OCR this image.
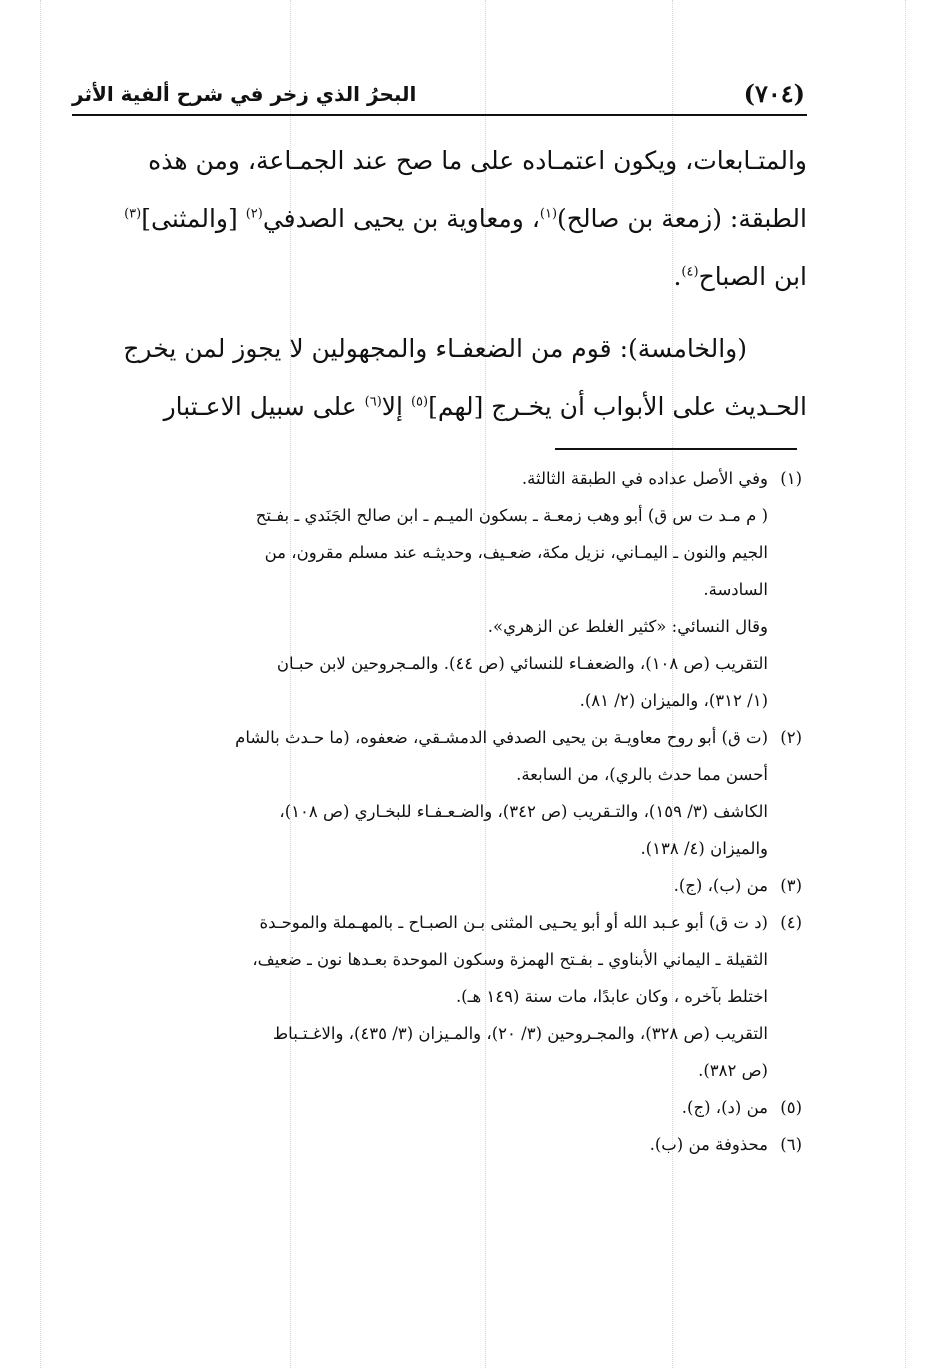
(٧٠٤)
البحرُ الذي زخر في شرح ألفية الأثر

والمتـابعات، ويكون اعتمـاده على ما صح عند الجمـاعة، ومن هذه
الطبقة: (زمعة بن صالح)$^{(١)}$، ومعاوية بن يحيى الصدفي$^{(٢)}$ [والمثنى]$^{(٣)}$
ابن الصباح$^{(٤)}$.

(والخامسة): قوم من الضعفـاء والمجهولين لا يجوز لمن يخرج
الحـديث على الأبواب أن يخـرج [لهم]$^{(٥)}$ إلا$^{(٦)}$ على سبيل الاعـتبار

(١)
وفي الأصل عداده في الطبقة الثالثة.
( م مـد ت س ق) أبو وهب زمعـة ـ بسكون الميـم ـ ابن صالح الجَنَدي ـ بفـتح
الجيم والنون ـ اليمـاني، نزيل مكة، ضعـيف، وحديثـه عند مسلم مقرون، من
السادسة.
وقال النسائي: «كثير الغلط عن الزهري».
التقريب (ص ١٠٨)، والضعفـاء للنسائي (ص ٤٤). والمـجروحين لابن حبـان
(١/ ٣١٢)، والميزان (٢/ ٨١).
(٢)
(ت ق) أبو روح معاويـة بن يحيى الصدفي الدمشـقي، ضعفوه، (ما حـدث بالشام
أحسن مما حدث بالري)، من السابعة.
الكاشف (٣/ ١٥٩)، والتـقريب (ص ٣٤٢)، والضـعـفـاء للبخـاري (ص ١٠٨)،
والميزان (٤/ ١٣٨).
(٣)
من (ب)، (ج).
(٤)
(د ت ق) أبو عـبد الله أو أبو يحـيى المثنى بـن الصبـاح ـ بالمهـملة والموحـدة
الثقيلة ـ اليماني الأبناوي ـ بفـتح الهمزة وسكون الموحدة بعـدها نون ـ ضعيف،
اختلط بآخره ، وكان عابدًا، مات سنة (١٤٩ هـ).
التقريب (ص ٣٢٨)، والمجـروحين (٣/ ٢٠)، والمـيزان (٣/ ٤٣٥)، والاغـتـباط
(ص ٣٨٢).
(٥)
من (د)، (ج).
(٦)
محذوفة من (ب).
